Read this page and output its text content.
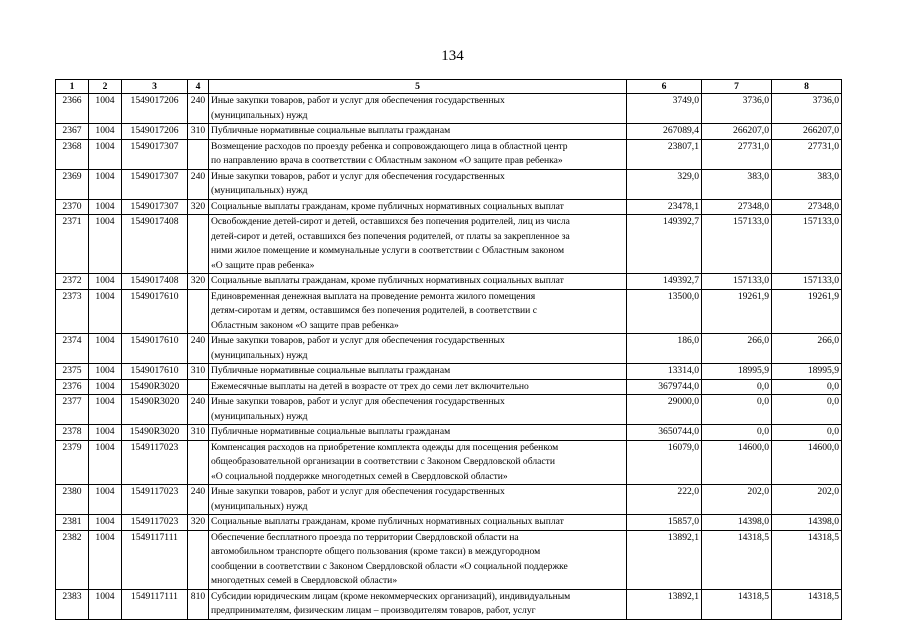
134
1	2	3	4	5	6	7	8
2366	1004	1549017206	240	Иные закупки товаров, работ и услуг для обеспечения государственных
(муниципальных) нужд	3749,0	3736,0	3736,0
2367	1004	1549017206	310	Публичные нормативные социальные выплаты гражданам	267089,4	266207,0	266207,0
2368	1004	1549017307		Возмещение расходов по проезду ребенка и сопровождающего лица в областной центр
по направлению врача в соответствии с Областным законом «О защите прав ребенка»	23807,1	27731,0	27731,0
2369	1004	1549017307	240	Иные закупки товаров, работ и услуг для обеспечения государственных
(муниципальных) нужд	329,0	383,0	383,0
2370	1004	1549017307	320	Социальные выплаты гражданам, кроме публичных нормативных социальных выплат	23478,1	27348,0	27348,0
2371	1004	1549017408		Освобождение детей-сирот и детей, оставшихся без попечения родителей, лиц из числа
детей-сирот и детей, оставшихся без попечения родителей, от платы за закрепленное за
ними жилое помещение и коммунальные услуги в соответствии с Областным законом
«О защите прав ребенка»	149392,7	157133,0	157133,0
2372	1004	1549017408	320	Социальные выплаты гражданам, кроме публичных нормативных социальных выплат	149392,7	157133,0	157133,0
2373	1004	1549017610		Единовременная денежная выплата на проведение ремонта жилого помещения
детям-сиротам и детям, оставшимся без попечения родителей, в соответствии с
Областным законом «О защите прав ребенка»	13500,0	19261,9	19261,9
2374	1004	1549017610	240	Иные закупки товаров, работ и услуг для обеспечения государственных
(муниципальных) нужд	186,0	266,0	266,0
2375	1004	1549017610	310	Публичные нормативные социальные выплаты гражданам	13314,0	18995,9	18995,9
2376	1004	15490R3020		Ежемесячные выплаты на детей в возрасте от трех до семи лет включительно	3679744,0	0,0	0,0
2377	1004	15490R3020	240	Иные закупки товаров, работ и услуг для обеспечения государственных
(муниципальных) нужд	29000,0	0,0	0,0
2378	1004	15490R3020	310	Публичные нормативные социальные выплаты гражданам	3650744,0	0,0	0,0
2379	1004	1549117023		Компенсация расходов на приобретение комплекта одежды для посещения ребенком
общеобразовательной организации в соответствии с Законом Свердловской области
«О социальной поддержке многодетных семей в Свердловской области»	16079,0	14600,0	14600,0
2380	1004	1549117023	240	Иные закупки товаров, работ и услуг для обеспечения государственных
(муниципальных) нужд	222,0	202,0	202,0
2381	1004	1549117023	320	Социальные выплаты гражданам, кроме публичных нормативных социальных выплат	15857,0	14398,0	14398,0
2382	1004	1549117111		Обеспечение бесплатного проезда по территории Свердловской области на
автомобильном транспорте общего пользования (кроме такси) в междугородном
сообщении в соответствии с Законом Свердловской области «О социальной поддержке
многодетных семей в Свердловской области»	13892,1	14318,5	14318,5
2383	1004	1549117111	810	Субсидии юридическим лицам (кроме некоммерческих организаций), индивидуальным
предпринимателям, физическим лицам – производителям товаров, работ, услуг	13892,1	14318,5	14318,5
